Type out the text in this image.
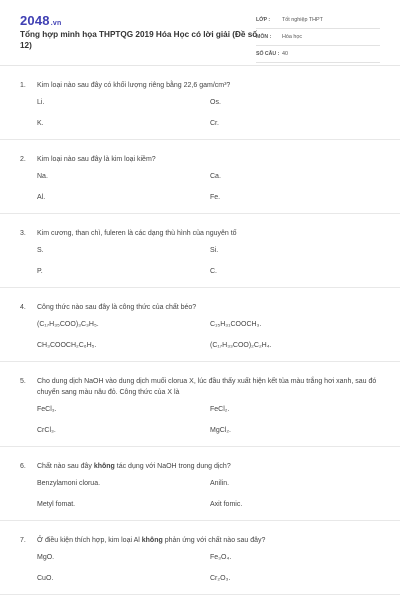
2048.vn
Tổng hợp minh họa THPTQG 2019 Hóa Học có lời giải (Đề số 12)
LỚP :	Tốt nghiệp THPT
MÔN :	Hóa học
SỐ CÂU : 40
1.	Kim loại nào sau đây có khối lượng riêng bằng 22,6 gam/cm³?
Li.	Os.
K.	Cr.
2.	Kim loại nào sau đây là kim loại kiềm?
Na.	Ca.
Al.	Fe.
3.	Kim cương, than chì, fuleren là các dạng thù hình của nguyên tố
S.	Si.
P.	C.
4.	Công thức nào sau đây là công thức của chất béo?
(C₁₇H₃₅COO)₃C₃H₅.	C₁₅H₃₁COOCH₃.
CH₃COOCH₂C₆H₅.	(C₁₇H₃₃COO)₂C₂H₄.
5.	Cho dung dịch NaOH vào dung dịch muối clorua X, lúc đầu thấy xuất hiện kết tủa màu trắng hơi xanh, sau đó chuyển sang màu nâu đỏ. Công thức của X là
FeCl₃.	FeCl₂.
CrCl₃.	MgCl₂.
6.	Chất nào sau đây không tác dụng với NaOH trong dung dịch?
Benzylamoni clorua.	Anilin.
Metyl fomat.	Axit fomic.
7.	Ở điều kiện thích hợp, kim loại Al không phản ứng với chất nào sau đây?
MgO.	Fe₃O₄.
CuO.	Cr₂O₃.
